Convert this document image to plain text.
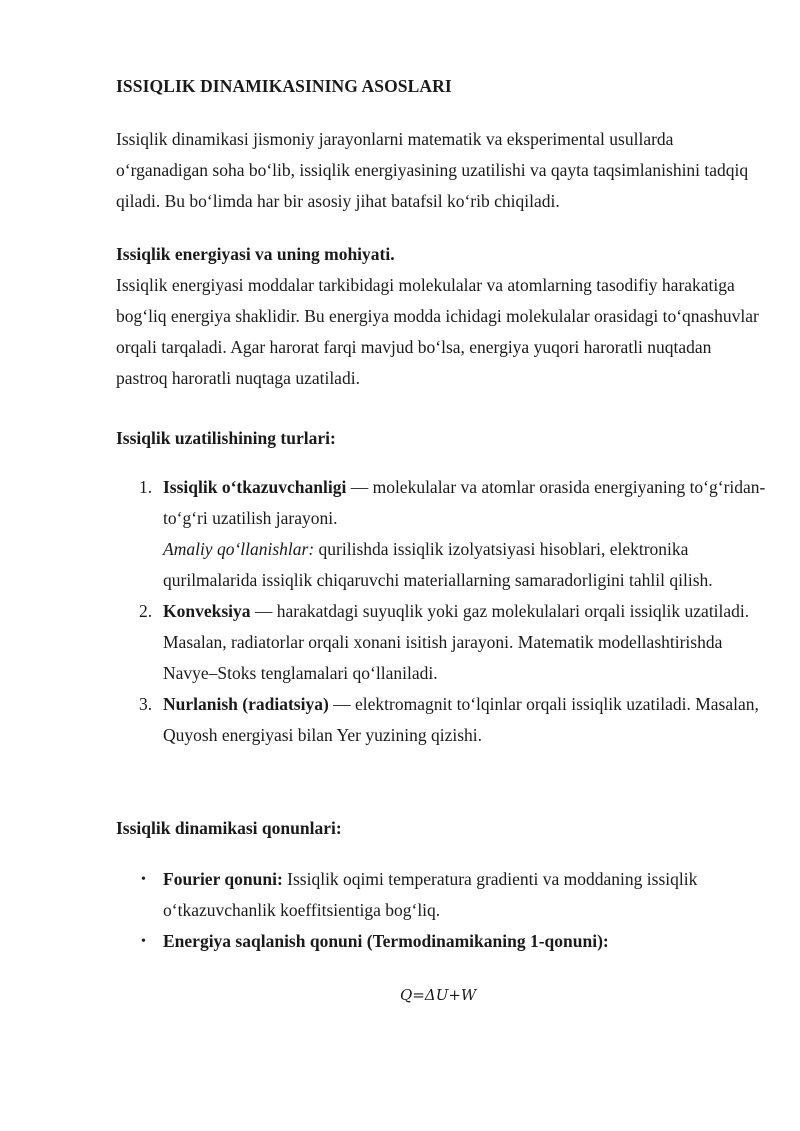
ISSIQLIK DINAMIKASINING ASOSLARI

Issiqlik dinamikasi jismoniy jarayonlarni matematik va eksperimental usullarda o‘rganadigan soha bo‘lib, issiqlik energiyasining uzatilishi va qayta taqsimlanishini tadqiq qiladi. Bu bo‘limda har bir asosiy jihat batafsil ko‘rib chiqiladi.

Issiqlik energiyasi va uning mohiyati.

Issiqlik energiyasi moddalar tarkibidagi molekulalar va atomlarning tasodifiy harakatiga bog‘liq energiya shaklidir. Bu energiya modda ichidagi molekulalar orasidagi to‘qnashuvlar orqali tarqaladi. Agar harorat farqi mavjud bo‘lsa, energiya yuqori haroratli nuqtadan pastroq haroratli nuqtaga uzatiladi.

Issiqlik uzatilishining turlari:
1. Issiqlik o‘tkazuvchanligi — molekulalar va atomlar orasida energiyaning to‘g‘ridan-to‘g‘ri uzatilish jarayoni.
Amaliy qo‘llanishlar: qurilishda issiqlik izolyatsiyasi hisoblari, elektronika qurilmalarida issiqlik chiqaruvchi materiallarning samaradorligini tahlil qilish.
2. Konveksiya — harakatdagi suyuqlik yoki gaz molekulalari orqali issiqlik uzatiladi. Masalan, radiatorlar orqali xonani isitish jarayoni. Matematik modellashtirishda Navye–Stoks tenglamalari qo‘llaniladi.
3. Nurlanish (radiatsiya) — elektromagnit to‘lqinlar orqali issiqlik uzatiladi. Masalan, Quyosh energiyasi bilan Yer yuzining qizishi.
Issiqlik dinamikasi qonunlari:
• Fourier qonuni: Issiqlik oqimi temperatura gradienti va moddaning issiqlik o‘tkazuvchanlik koeffitsientiga bog‘liq.
• Energiya saqlanish qonuni (Termodinamikaning 1-qonuni):
Q=ΔU+W
